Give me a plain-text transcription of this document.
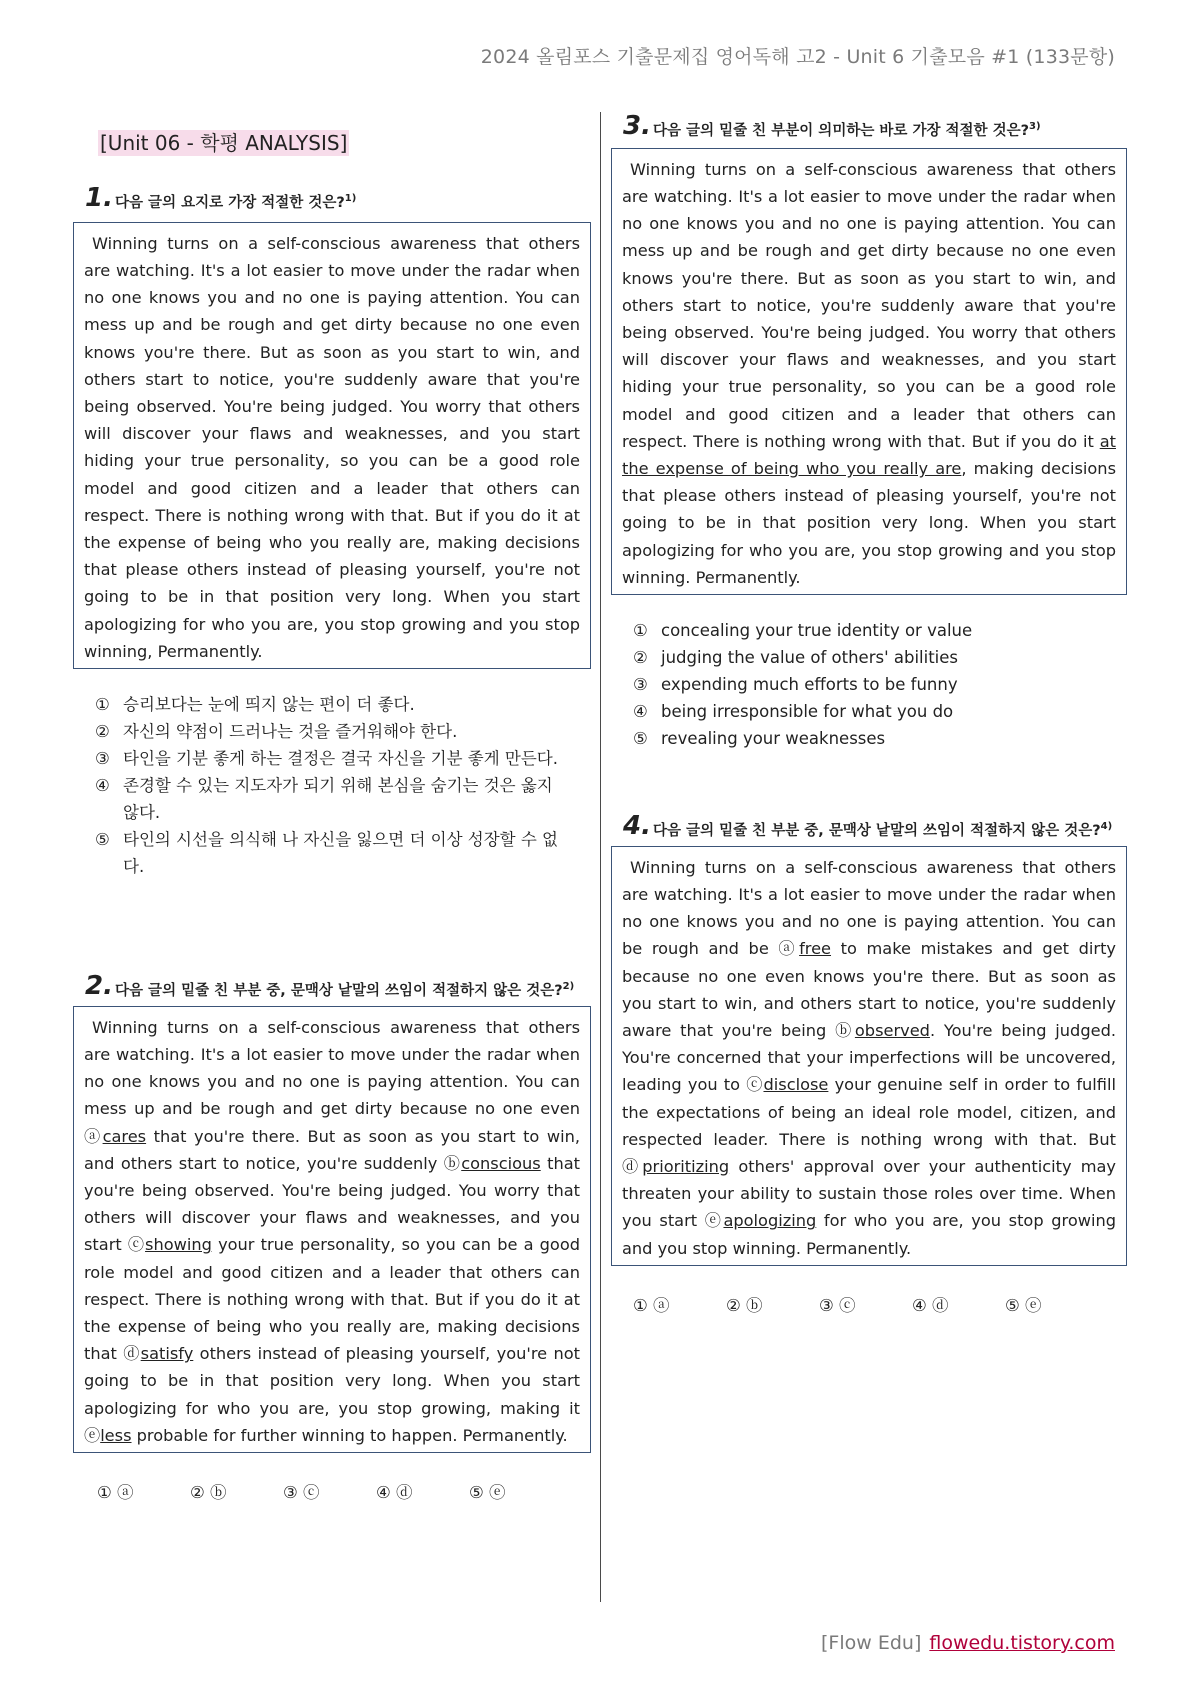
2024 올림포스 기출문제집 영어독해 고2 - Unit 6 기출모음 #1 (133문항)
[Unit 06 - 학평 ANALYSIS]
1. 다음 글의 요지로 가장 적절한 것은?$^{1)}$
Winning turns on a self-conscious awareness that others are watching. It's a lot easier to move under the radar when no one knows you and no one is paying attention. You can mess up and be rough and get dirty because no one even knows you're there. But as soon as you start to win, and others start to notice, you're suddenly aware that you're being observed. You're being judged. You worry that others will discover your flaws and weaknesses, and you start hiding your true personality, so you can be a good role model and good citizen and a leader that others can respect. There is nothing wrong with that. But if you do it at the expense of being who you really are, making decisions that please others instead of pleasing yourself, you're not going to be in that position very long. When you start apologizing for who you are, you stop growing and you stop winning, Permanently.
① 승리보다는 눈에 띄지 않는 편이 더 좋다.
② 자신의 약점이 드러나는 것을 즐거워해야 한다.
③ 타인을 기분 좋게 하는 결정은 결국 자신을 기분 좋게 만든다.
④ 존경할 수 있는 지도자가 되기 위해 본심을 숨기는 것은 옳지 않다.
⑤ 타인의 시선을 의식해 나 자신을 잃으면 더 이상 성장할 수 없다.
2. 다음 글의 밑줄 친 부분 중, 문맥상 낱말의 쓰임이 적절하지 않은 것은?$^{2)}$
Winning turns on a self-conscious awareness that others are watching. It's a lot easier to move under the radar when no one knows you and no one is paying attention. You can mess up and be rough and get dirty because no one even ⓐcares that you're there. But as soon as you start to win, and others start to notice, you're suddenly ⓑconscious that you're being observed. You're being judged. You worry that others will discover your flaws and weaknesses, and you start ⓒshowing your true personality, so you can be a good role model and good citizen and a leader that others can respect. There is nothing wrong with that. But if you do it at the expense of being who you really are, making decisions that ⓓsatisfy others instead of pleasing yourself, you're not going to be in that position very long. When you start apologizing for who you are, you stop growing, making it ⓔless probable for further winning to happen. Permanently.
① ⓐ	② ⓑ	③ ⓒ	④ ⓓ	⑤ ⓔ
3. 다음 글의 밑줄 친 부분이 의미하는 바로 가장 적절한 것은?$^{3)}$
Winning turns on a self-conscious awareness that others are watching. It's a lot easier to move under the radar when no one knows you and no one is paying attention. You can mess up and be rough and get dirty because no one even knows you're there. But as soon as you start to win, and others start to notice, you're suddenly aware that you're being observed. You're being judged. You worry that others will discover your flaws and weaknesses, and you start hiding your true personality, so you can be a good role model and good citizen and a leader that others can respect. There is nothing wrong with that. But if you do it at the expense of being who you really are, making decisions that please others instead of pleasing yourself, you're not going to be in that position very long. When you start apologizing for who you are, you stop growing and you stop winning. Permanently.
① concealing your true identity or value
② judging the value of others' abilities
③ expending much efforts to be funny
④ being irresponsible for what you do
⑤ revealing your weaknesses
4. 다음 글의 밑줄 친 부분 중, 문맥상 낱말의 쓰임이 적절하지 않은 것은?$^{4)}$
Winning turns on a self-conscious awareness that others are watching. It's a lot easier to move under the radar when no one knows you and no one is paying attention. You can be rough and be ⓐfree to make mistakes and get dirty because no one even knows you're there. But as soon as you start to win, and others start to notice, you're suddenly aware that you're being ⓑobserved. You're being judged. You're concerned that your imperfections will be uncovered, leading you to ⓒdisclose your genuine self in order to fulfill the expectations of being an ideal role model, citizen, and respected leader. There is nothing wrong with that. But ⓓprioritizing others' approval over your authenticity may threaten your ability to sustain those roles over time. When you start ⓔapologizing for who you are, you stop growing and you stop winning. Permanently.
① ⓐ	② ⓑ	③ ⓒ	④ ⓓ	⑤ ⓔ
[Flow Edu] flowedu.tistory.com
